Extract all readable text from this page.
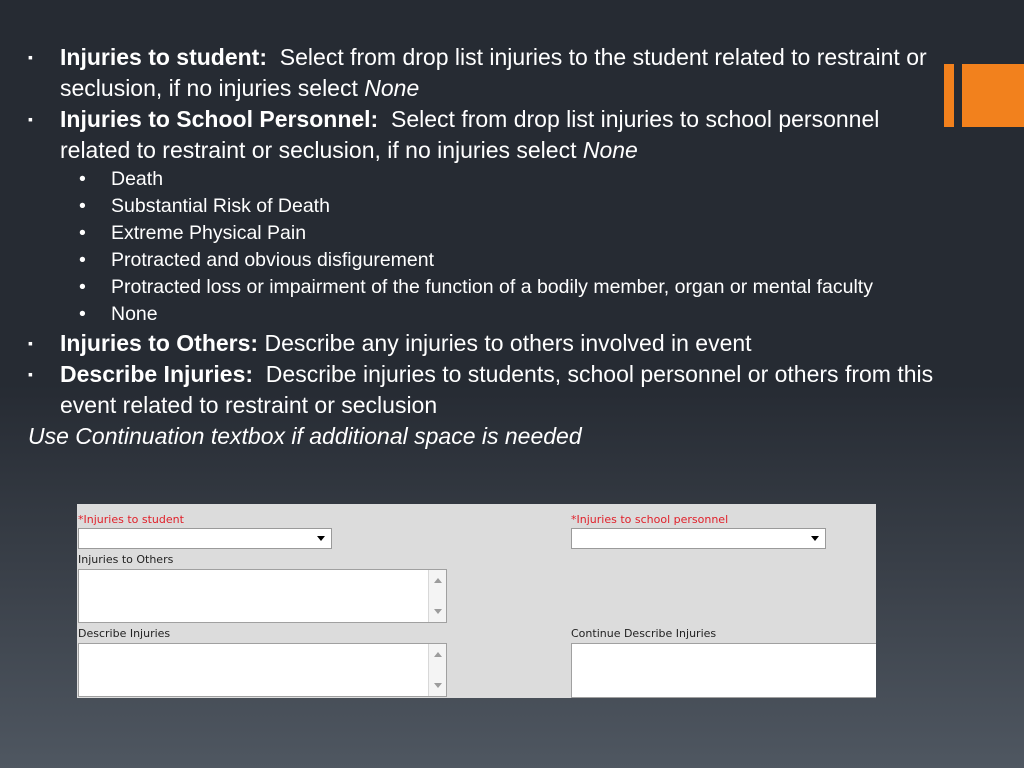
▪ Injuries to student:  Select from drop list injuries to the student related to restraint or seclusion, if no injuries select None
▪ Injuries to School Personnel:  Select from drop list injuries to school personnel related to restraint or seclusion, if no injuries select None
• Death
• Substantial Risk of Death
• Extreme Physical Pain
• Protracted and obvious disfigurement
• Protracted loss or impairment of the function of a bodily member, organ or mental faculty
• None
▪ Injuries to Others: Describe any injuries to others involved in event
▪ Describe Injuries:  Describe injuries to students, school personnel or others from this event related to restraint or seclusion
Use Continuation textbox if additional space is needed
*Injuries to student	*Injuries to school personnel
Injuries to Others
Describe Injuries	Continue Describe Injuries
